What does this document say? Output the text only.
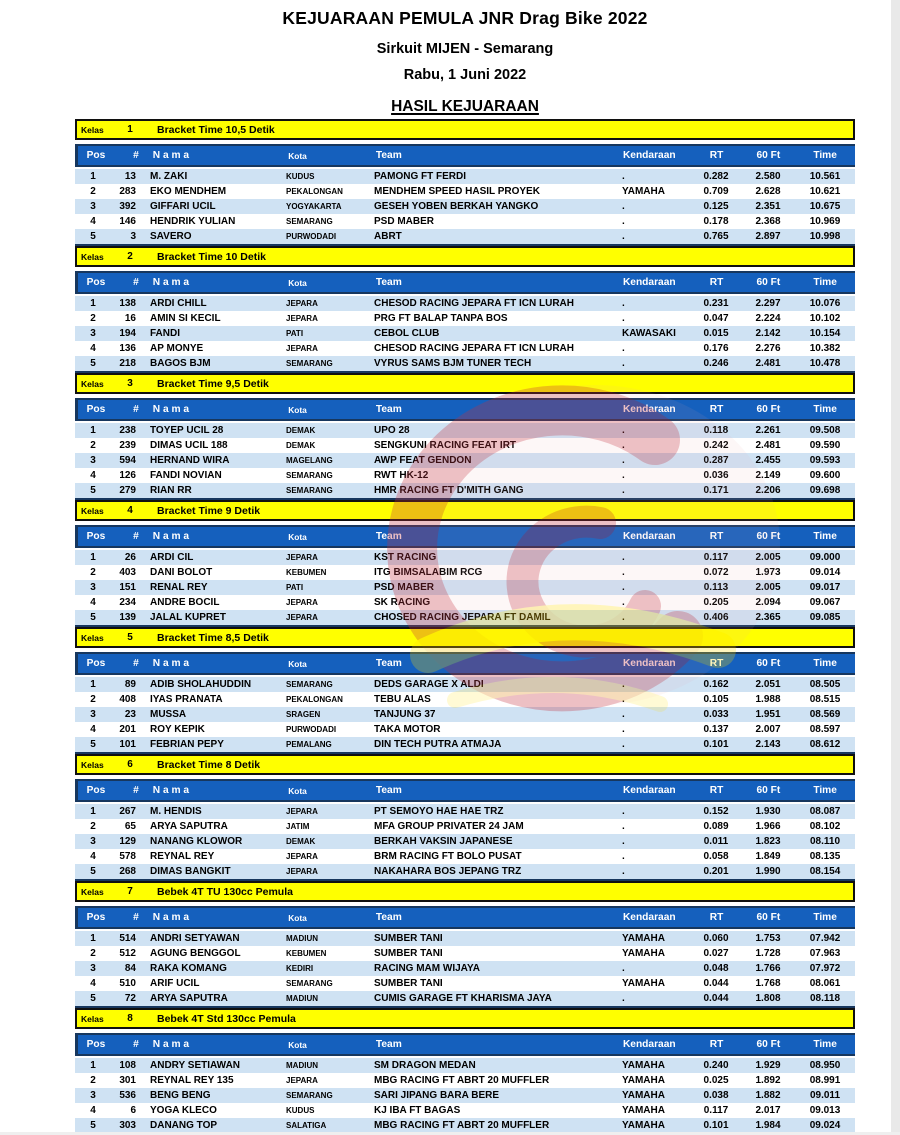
KEJUARAAN PEMULA JNR Drag Bike 2022
Sirkuit MIJEN - Semarang
Rabu, 1 Juni 2022
HASIL KEJUARAAN
Kelas	1	Bracket Time 10,5 Detik
Pos	#	N a m a	Kota	Team	Kendaraan	RT	60 Ft	Time
1	13	M. ZAKI	KUDUS	PAMONG FT FERDI	.	0.282	2.580	10.561
2	283	EKO MENDHEM	PEKALONGAN	MENDHEM SPEED HASIL PROYEK	YAMAHA	0.709	2.628	10.621
3	392	GIFFARI UCIL	YOGYAKARTA	GESEH YOBEN BERKAH YANGKO	.	0.125	2.351	10.675
4	146	HENDRIK YULIAN	SEMARANG	PSD MABER	.	0.178	2.368	10.969
5	3	SAVERO	PURWODADI	ABRT	.	0.765	2.897	10.998
Kelas	2	Bracket Time 10 Detik
Pos	#	N a m a	Kota	Team	Kendaraan	RT	60 Ft	Time
1	138	ARDI CHILL	JEPARA	CHESOD RACING JEPARA FT ICN LURAH	.	0.231	2.297	10.076
2	16	AMIN SI KECIL	JEPARA	PRG FT BALAP TANPA BOS	.	0.047	2.224	10.102
3	194	FANDI	PATI	CEBOL CLUB	KAWASAKI	0.015	2.142	10.154
4	136	AP MONYE	JEPARA	CHESOD RACING JEPARA FT ICN LURAH	.	0.176	2.276	10.382
5	218	BAGOS BJM	SEMARANG	VYRUS SAMS BJM TUNER TECH	.	0.246	2.481	10.478
Kelas	3	Bracket Time 9,5 Detik
Pos	#	N a m a	Kota	Team	Kendaraan	RT	60 Ft	Time
1	238	TOYEP UCIL 28	DEMAK	UPO 28	.	0.118	2.261	09.508
2	239	DIMAS UCIL 188	DEMAK	SENGKUNI RACING FEAT IRT	.	0.242	2.481	09.590
3	594	HERNAND WIRA	MAGELANG	AWP FEAT GENDON	.	0.287	2.455	09.593
4	126	FANDI NOVIAN	SEMARANG	RWT HK-12	.	0.036	2.149	09.600
5	279	RIAN RR	SEMARANG	HMR RACING FT D'MITH GANG	.	0.171	2.206	09.698
Kelas	4	Bracket Time 9 Detik
Pos	#	N a m a	Kota	Team	Kendaraan	RT	60 Ft	Time
1	26	ARDI CIL	JEPARA	KST RACING	.	0.117	2.005	09.000
2	403	DANI BOLOT	KEBUMEN	ITG BIMSALABIM RCG	.	0.072	1.973	09.014
3	151	RENAL REY	PATI	PSD MABER	.	0.113	2.005	09.017
4	234	ANDRE BOCIL	JEPARA	SK RACING	.	0.205	2.094	09.067
5	139	JALAL KUPRET	JEPARA	CHOSED RACING JEPARA FT DAMIL	.	0.406	2.365	09.085
Kelas	5	Bracket Time 8,5 Detik
Pos	#	N a m a	Kota	Team	Kendaraan	RT	60 Ft	Time
1	89	ADIB SHOLAHUDDIN	SEMARANG	DEDS GARAGE X ALDI	.	0.162	2.051	08.505
2	408	IYAS PRANATA	PEKALONGAN	TEBU ALAS	.	0.105	1.988	08.515
3	23	MUSSA	SRAGEN	TANJUNG 37	.	0.033	1.951	08.569
4	201	ROY KEPIK	PURWODADI	TAKA MOTOR	.	0.137	2.007	08.597
5	101	FEBRIAN PEPY	PEMALANG	DIN TECH PUTRA ATMAJA	.	0.101	2.143	08.612
Kelas	6	Bracket Time 8 Detik
Pos	#	N a m a	Kota	Team	Kendaraan	RT	60 Ft	Time
1	267	M. HENDIS	JEPARA	PT SEMOYO HAE HAE TRZ	.	0.152	1.930	08.087
2	65	ARYA SAPUTRA	JATIM	MFA GROUP PRIVATER 24 JAM	.	0.089	1.966	08.102
3	129	NANANG KLOWOR	DEMAK	BERKAH VAKSIN JAPANESE	.	0.011	1.823	08.110
4	578	REYNAL REY	JEPARA	BRM RACING FT BOLO PUSAT	.	0.058	1.849	08.135
5	268	DIMAS BANGKIT	JEPARA	NAKAHARA BOS JEPANG TRZ	.	0.201	1.990	08.154
Kelas	7	Bebek 4T TU 130cc Pemula
Pos	#	N a m a	Kota	Team	Kendaraan	RT	60 Ft	Time
1	514	ANDRI SETYAWAN	MADIUN	SUMBER TANI	YAMAHA	0.060	1.753	07.942
2	512	AGUNG BENGGOL	KEBUMEN	SUMBER TANI	YAMAHA	0.027	1.728	07.963
3	84	RAKA KOMANG	KEDIRI	RACING MAM WIJAYA	.	0.048	1.766	07.972
4	510	ARIF UCIL	SEMARANG	SUMBER TANI	YAMAHA	0.044	1.768	08.061
5	72	ARYA SAPUTRA	MADIUN	CUMIS GARAGE FT KHARISMA JAYA	.	0.044	1.808	08.118
Kelas	8	Bebek 4T Std 130cc Pemula
Pos	#	N a m a	Kota	Team	Kendaraan	RT	60 Ft	Time
1	108	ANDRY SETIAWAN	MADIUN	SM DRAGON MEDAN	YAMAHA	0.240	1.929	08.950
2	301	REYNAL REY 135	JEPARA	MBG RACING FT ABRT 20 MUFFLER	YAMAHA	0.025	1.892	08.991
3	536	BENG BENG	SEMARANG	SARI JIPANG BARA BERE	YAMAHA	0.038	1.882	09.011
4	6	YOGA KLECO	KUDUS	KJ IBA FT BAGAS	YAMAHA	0.117	2.017	09.013
5	303	DANANG TOP	SALATIGA	MBG RACING FT ABRT 20 MUFFLER	YAMAHA	0.101	1.984	09.024
